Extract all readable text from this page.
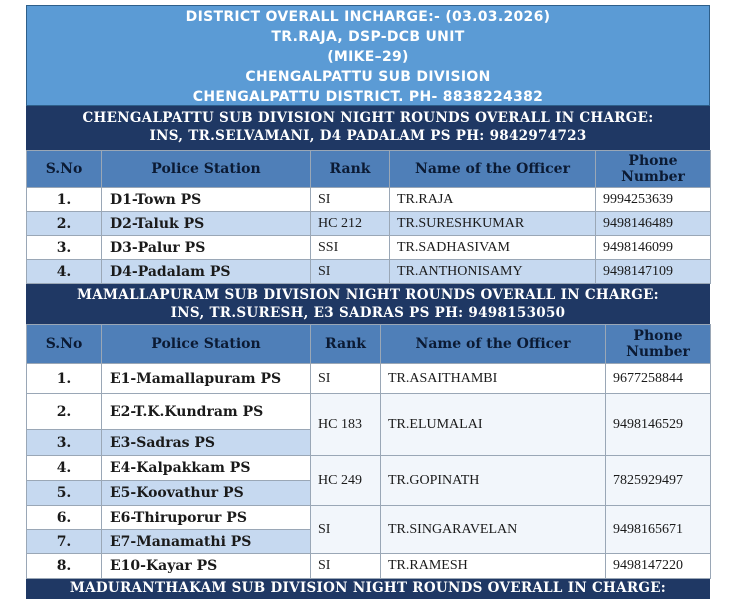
DISTRICT OVERALL INCHARGE:- (03.03.2026)
TR.RAJA, DSP-DCB UNIT
(MIKE–29)
CHENGALPATTU SUB DIVISION
CHENGALPATTU DISTRICT. PH- 8838224382
CHENGALPATTU SUB DIVISION NIGHT ROUNDS OVERALL IN CHARGE:
INS, TR.SELVAMANI, D4 PADALAM PS PH: 9842974723
S.No	Police Station	Rank	Name of the Officer	Phone Number
1.	D1-Town PS	SI	TR.RAJA	9994253639
2.	D2-Taluk PS	HC 212	TR.SURESHKUMAR	9498146489
3.	D3-Palur PS	SSI	TR.SADHASIVAM	9498146099
4.	D4-Padalam PS	SI	TR.ANTHONISAMY	9498147109
MAMALLAPURAM SUB DIVISION NIGHT ROUNDS OVERALL IN CHARGE:
INS, TR.SURESH, E3 SADRAS PS PH: 9498153050
S.No	Police Station	Rank	Name of the Officer	Phone Number
1.	E1-Mamallapuram PS	SI	TR.ASAITHAMBI	9677258844
2.	E2-T.K.Kundram PS	HC 183	TR.ELUMALAI	9498146529
3.	E3-Sadras PS			
4.	E4-Kalpakkam PS	HC 249	TR.GOPINATH	7825929497
5.	E5-Koovathur PS			
6.	E6-Thiruporur PS	SI	TR.SINGARAVELAN	9498165671
7.	E7-Manamathi PS			
8.	E10-Kayar PS	SI	TR.RAMESH	9498147220
MADURANTHAKAM SUB DIVISION NIGHT ROUNDS OVERALL IN CHARGE:
